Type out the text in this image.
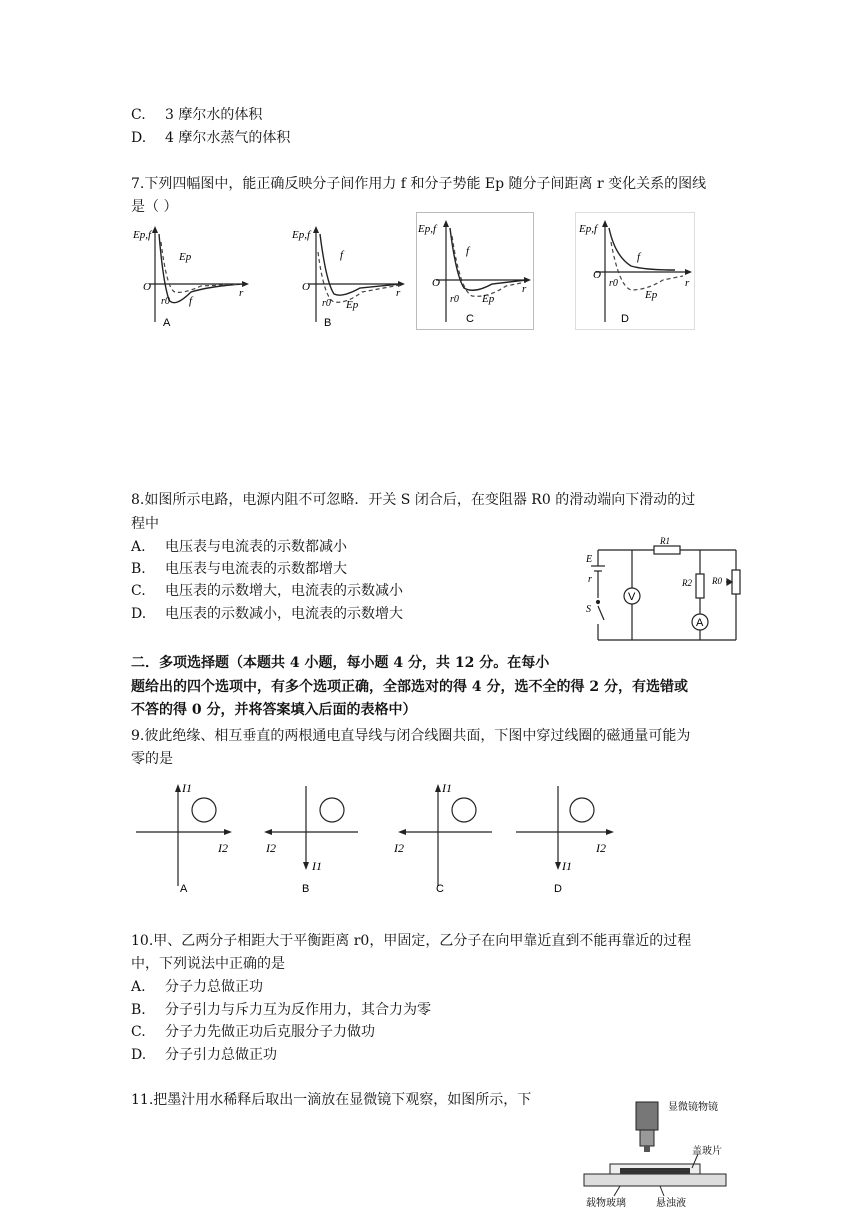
C. 3 摩尔水的体积
D. 4 摩尔水蒸气的体积
7.下列四幅图中，能正确反映分子间作用力 f 和分子势能 Ep 随分子间距离 r 变化关系的图线
是（ ）
Ep,f
Ep
f
r0
r
O
A
Ep,f
f
Ep
r0
r
O
B
Ep,f
f
Ep
r0
r
O
C
Ep,f
f
Ep
r0	r
O
D
8.如图所示电路，电源内阻不可忽略．开关 S 闭合后，在变阻器 R0 的滑动端向下滑动的过
程中
A. 电压表与电流表的示数都减小
B. 电压表与电流表的示数都增大
C. 电压表的示数增大，电流表的示数减小
D. 电压表的示数减小，电流表的示数增大
E
r
S
V
A
R1
R2 R0
二．多项选择题（本题共 4 小题，每小题 4 分，共 12 分。在每小
题给出的四个选项中，有多个选项正确，全部选对的得 4 分，选不全的得 2 分，有选错或
不答的得 0 分，并将答案填入后面的表格中）
9.彼此绝缘、相互垂直的两根通电直导线与闭合线圈共面，下图中穿过线圈的磁通量可能为
零的是
I1
I2
A
I1
I2
B
I1
I2
C
I1
I2
D
10.甲、乙两分子相距大于平衡距离 r0，甲固定，乙分子在向甲靠近直到不能再靠近的过程
中，下列说法中正确的是
A. 分子力总做正功
B. 分子引力与斥力互为反作用力，其合力为零
C. 分子力先做正功后克服分子力做功
D. 分子引力总做正功
11.把墨汁用水稀释后取出一滴放在显微镜下观察，如图所示，下	显微镜物镜
盖玻片
载物玻璃	悬浊液
